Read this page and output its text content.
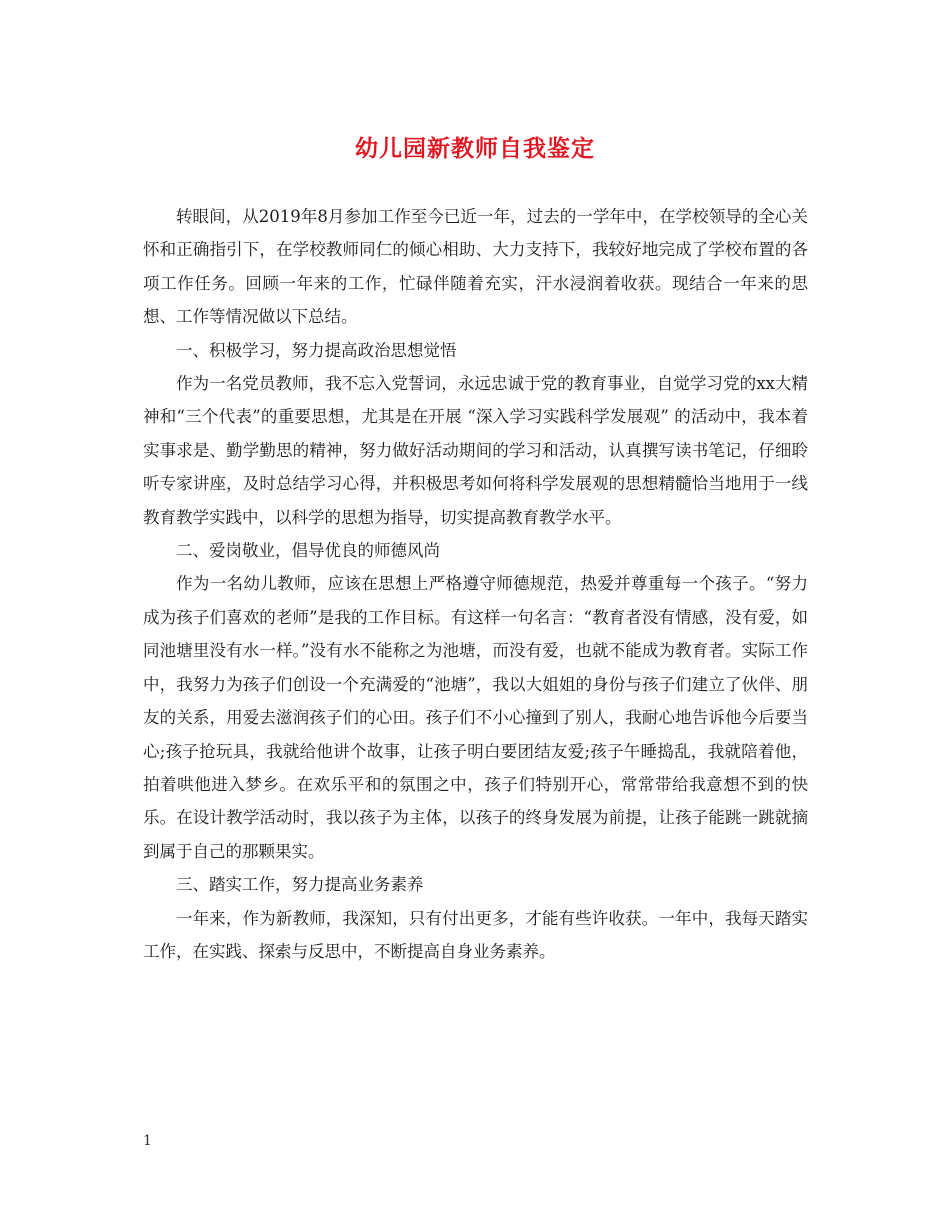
幼儿园新教师自我鉴定

转眼间，从2019年8月参加工作至今已近一年，过去的一学年中，在学校领导的全心关怀和正确指引下，在学校教师同仁的倾心相助、大力支持下，我较好地完成了学校布置的各项工作任务。回顾一年来的工作，忙碌伴随着充实，汗水浸润着收获。现结合一年来的思想、工作等情况做以下总结。

一、积极学习，努力提高政治思想觉悟

作为一名党员教师，我不忘入党誓词，永远忠诚于党的教育事业，自觉学习党的xx大精神和“三个代表”的重要思想，尤其是在开展 “深入学习实践科学发展观” 的活动中，我本着实事求是、勤学勤思的精神，努力做好活动期间的学习和活动，认真撰写读书笔记，仔细聆听专家讲座，及时总结学习心得，并积极思考如何将科学发展观的思想精髓恰当地用于一线教育教学实践中，以科学的思想为指导，切实提高教育教学水平。

二、爱岗敬业，倡导优良的师德风尚

作为一名幼儿教师，应该在思想上严格遵守师德规范，热爱并尊重每一个孩子。“努力成为孩子们喜欢的老师”是我的工作目标。有这样一句名言：“教育者没有情感，没有爱，如同池塘里没有水一样。”没有水不能称之为池塘，而没有爱，也就不能成为教育者。实际工作中，我努力为孩子们创设一个充满爱的“池塘”，我以大姐姐的身份与孩子们建立了伙伴、朋友的关系，用爱去滋润孩子们的心田。孩子们不小心撞到了别人，我耐心地告诉他今后要当心;孩子抢玩具，我就给他讲个故事，让孩子明白要团结友爱;孩子午睡捣乱，我就陪着他，拍着哄他进入梦乡。在欢乐平和的氛围之中，孩子们特别开心，常常带给我意想不到的快乐。在设计教学活动时，我以孩子为主体，以孩子的终身发展为前提，让孩子能跳一跳就摘到属于自己的那颗果实。

三、踏实工作，努力提高业务素养

一年来，作为新教师，我深知，只有付出更多，才能有些许收获。一年中，我每天踏实工作，在实践、探索与反思中，不断提高自身业务素养。

1
